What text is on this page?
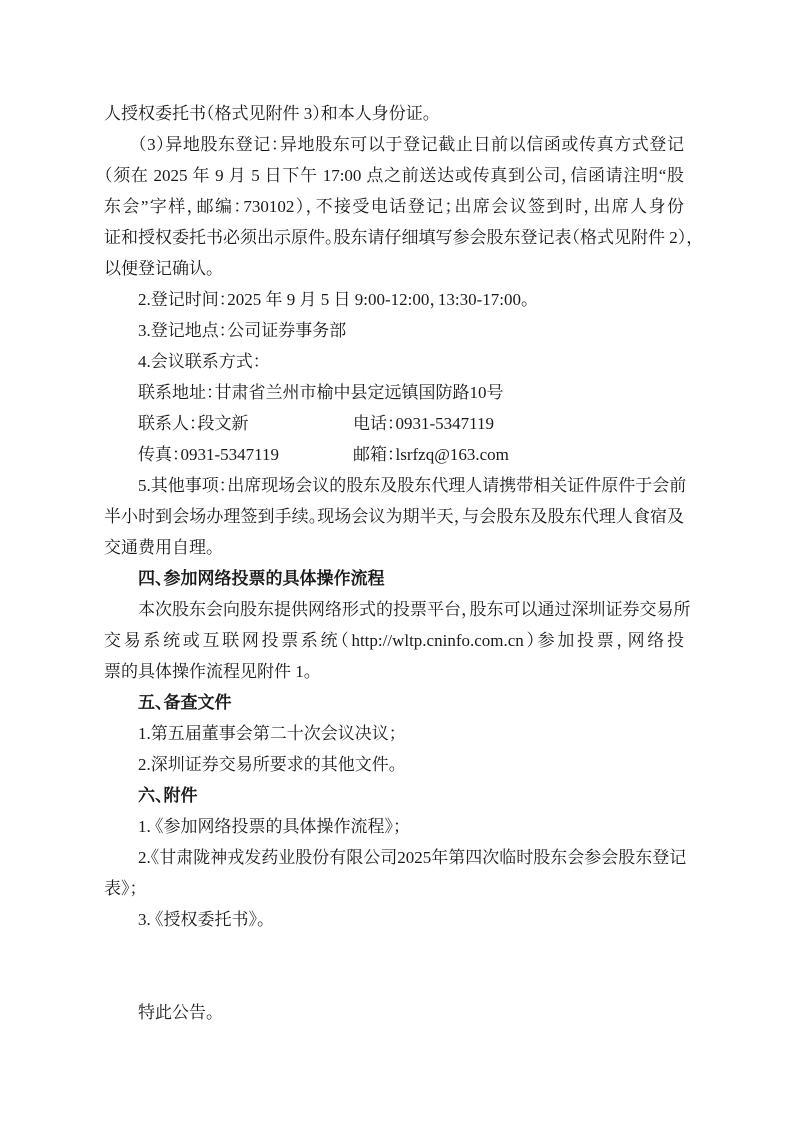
人授权委托书（格式见附件 3）和本人身份证。
（3）异地股东登记：异地股东可以于登记截止日前以信函或传真方式登记
（须在 2025 年 9 月 5 日下午 17:00 点之前送达或传真到公司，信函请注明“股
东会”字样，邮编：730102），不接受电话登记；出席会议签到时，出席人身份
证和授权委托书必须出示原件。股东请仔细填写参会股东登记表（格式见附件 2），
以便登记确认。
2.登记时间：2025 年 9 月 5 日 9:00-12:00，13:30-17:00。
3.登记地点：公司证券事务部
4.会议联系方式：
联系地址：甘肃省兰州市榆中县定远镇国防路10号
联系人：段文新	电话：0931-5347119
传真：0931-5347119	邮箱：lsrfzq@163.com
5.其他事项：出席现场会议的股东及股东代理人请携带相关证件原件于会前
半小时到会场办理签到手续。现场会议为期半天，与会股东及股东代理人食宿及
交通费用自理。
四、参加网络投票的具体操作流程
本次股东会向股东提供网络形式的投票平台，股东可以通过深圳证券交易所
交易系统或互联网投票系统（http://wltp.cninfo.com.cn）参加投票，网络投
票的具体操作流程见附件 1。
五、备查文件
1.第五届董事会第二十次会议决议；
2.深圳证券交易所要求的其他文件。
六、附件
1. 《参加网络投票的具体操作流程》；
2.《甘肃陇神戎发药业股份有限公司2025年第四次临时股东会参会股东登记
表》；
3. 《授权委托书》。
特此公告。
